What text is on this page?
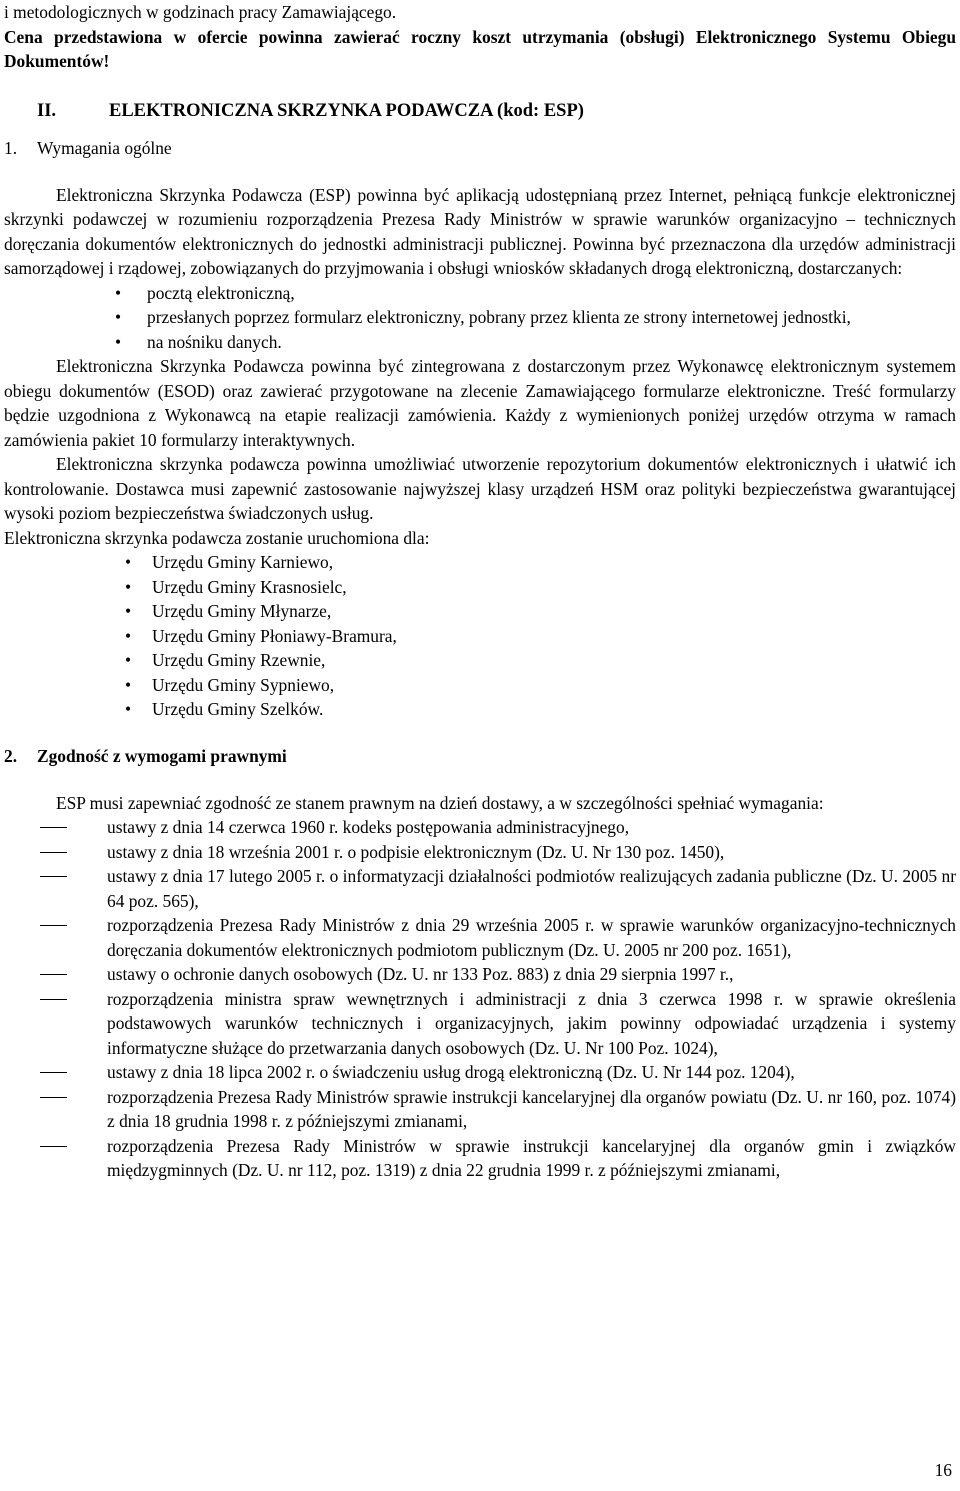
i metodologicznych w godzinach pracy Zamawiającego.

Cena przedstawiona w ofercie powinna zawierać roczny koszt utrzymania (obsługi) Elektronicznego Systemu Obiegu Dokumentów!

II.	ELEKTRONICZNA SKRZYNKA PODAWCZA (kod: ESP)
1. Wymagania ogólne

Elektroniczna Skrzynka Podawcza (ESP) powinna być aplikacją udostępnianą przez Internet, pełniącą funkcje elektronicznej skrzynki podawczej w rozumieniu rozporządzenia Prezesa Rady Ministrów w sprawie warunków organizacyjno – technicznych doręczania dokumentów elektronicznych do jednostki administracji publicznej. Powinna być przeznaczona dla urzędów administracji samorządowej i rządowej, zobowiązanych do przyjmowania i obsługi wniosków składanych drogą elektroniczną, dostarczanych:

• pocztą elektroniczną,
• przesłanych poprzez formularz elektroniczny, pobrany przez klienta ze strony internetowej jednostki,
• na nośniku danych.

Elektroniczna Skrzynka Podawcza powinna być zintegrowana z dostarczonym przez Wykonawcę elektronicznym systemem obiegu dokumentów (ESOD) oraz zawierać przygotowane na zlecenie Zamawiającego formularze elektroniczne. Treść formularzy będzie uzgodniona z Wykonawcą na etapie realizacji zamówienia. Każdy z wymienionych poniżej urzędów otrzyma w ramach zamówienia pakiet 10 formularzy interaktywnych.

Elektroniczna skrzynka podawcza powinna umożliwiać utworzenie repozytorium dokumentów elektronicznych i ułatwić ich kontrolowanie. Dostawca musi zapewnić zastosowanie najwyższej klasy urządzeń HSM oraz polityki bezpieczeństwa gwarantującej wysoki poziom bezpieczeństwa świadczonych usług.

Elektroniczna skrzynka podawcza zostanie uruchomiona dla:

• Urzędu Gminy Karniewo,
• Urzędu Gminy Krasnosielc,
• Urzędu Gminy Młynarze,
• Urzędu Gminy Płoniawy-Bramura,
• Urzędu Gminy Rzewnie,
• Urzędu Gminy Sypniewo,
• Urzędu Gminy Szelków.
2. Zgodność z wymogami prawnymi

ESP musi zapewniać zgodność ze stanem prawnym na dzień dostawy, a w szczególności spełniać wymagania:

ustawy z dnia 14 czerwca 1960 r. kodeks postępowania administracyjnego,
ustawy z dnia 18 września 2001 r. o podpisie elektronicznym (Dz. U. Nr 130 poz. 1450),
ustawy z dnia 17 lutego 2005 r. o informatyzacji działalności podmiotów realizujących zadania publiczne (Dz. U. 2005 nr 64 poz. 565),
rozporządzenia Prezesa Rady Ministrów z dnia 29 września 2005 r. w sprawie warunków organizacyjno-technicznych doręczania dokumentów elektronicznych podmiotom publicznym (Dz. U. 2005 nr 200 poz. 1651),
ustawy o ochronie danych osobowych (Dz. U. nr 133 Poz. 883) z dnia 29 sierpnia 1997 r.,
rozporządzenia ministra spraw wewnętrznych i administracji z dnia 3 czerwca 1998 r. w sprawie określenia podstawowych warunków technicznych i organizacyjnych, jakim powinny odpowiadać urządzenia i systemy informatyczne służące do przetwarzania danych osobowych (Dz. U. Nr 100 Poz. 1024),
ustawy z dnia 18 lipca 2002 r. o świadczeniu usług drogą elektroniczną (Dz. U. Nr 144 poz. 1204),
rozporządzenia Prezesa Rady Ministrów sprawie instrukcji kancelaryjnej dla organów powiatu (Dz. U. nr 160, poz. 1074) z dnia 18 grudnia 1998 r. z późniejszymi zmianami,
rozporządzenia Prezesa Rady Ministrów w sprawie instrukcji kancelaryjnej dla organów gmin i związków międzygminnych (Dz. U. nr 112, poz. 1319) z dnia 22 grudnia 1999 r. z późniejszymi zmianami,
16
